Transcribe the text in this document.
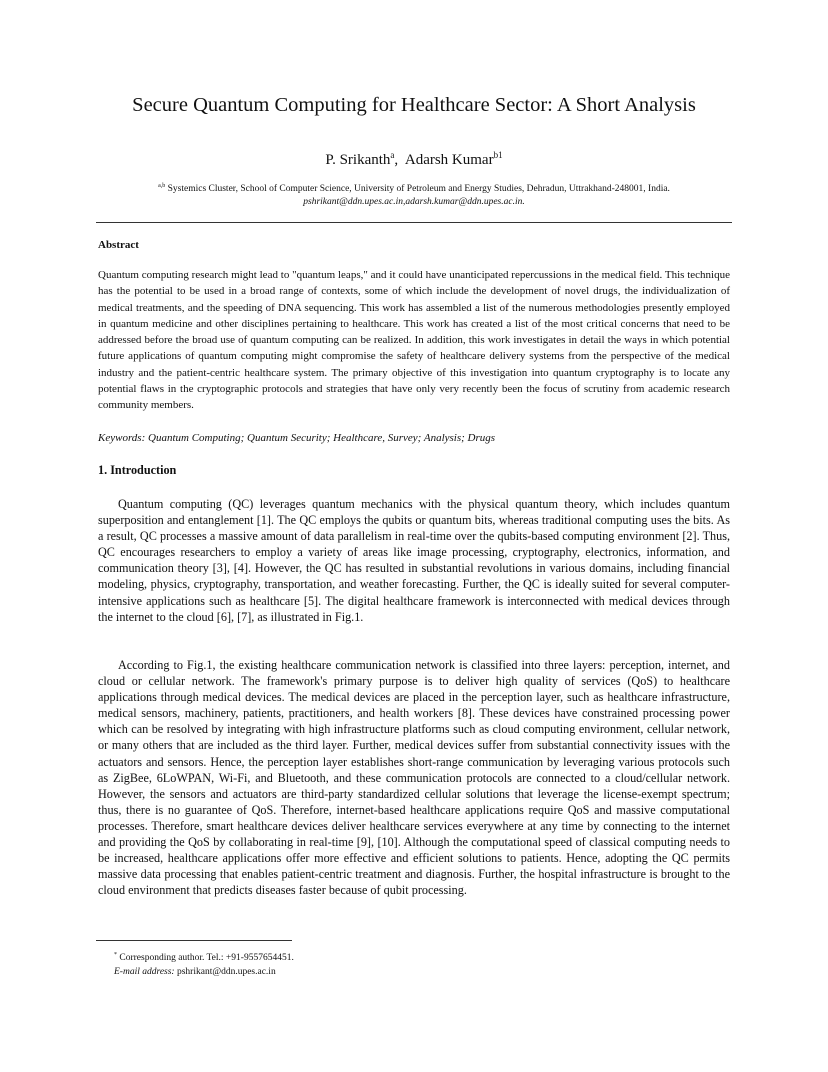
Secure Quantum Computing for Healthcare Sector: A Short Analysis
P. Srikanth$^a$,  Adarsh Kumar$^{b1}$
$^{a,b}$ Systemics Cluster, School of Computer Science, University of Petroleum and Energy Studies, Dehradun, Uttrakhand-248001, India.
pshrikant@ddn.upes.ac.in,adarsh.kumar@ddn.upes.ac.in.
Abstract
Quantum computing research might lead to "quantum leaps," and it could have unanticipated repercussions in the medical field. This technique has the potential to be used in a broad range of contexts, some of which include the development of novel drugs, the individualization of medical treatments, and the speeding of DNA sequencing. This work has assembled a list of the numerous methodologies presently employed in quantum medicine and other disciplines pertaining to healthcare. This work has created a list of the most critical concerns that need to be addressed before the broad use of quantum computing can be realized. In addition, this work investigates in detail the ways in which potential future applications of quantum computing might compromise the safety of healthcare delivery systems from the perspective of the medical industry and the patient-centric healthcare system. The primary objective of this investigation into quantum cryptography is to locate any potential flaws in the cryptographic protocols and strategies that have only very recently been the focus of scrutiny from academic research community members.
Keywords: Quantum Computing; Quantum Security; Healthcare, Survey; Analysis; Drugs
1. Introduction

Quantum computing (QC) leverages quantum mechanics with the physical quantum theory, which includes quantum superposition and entanglement [1]. The QC employs the qubits or quantum bits, whereas traditional computing uses the bits. As a result, QC processes a massive amount of data parallelism in real-time over the qubits-based computing environment [2]. Thus, QC encourages researchers to employ a variety of areas like image processing, cryptography, electronics, information, and communication theory [3], [4]. However, the QC has resulted in substantial revolutions in various domains, including financial modeling, physics, cryptography, transportation, and weather forecasting. Further, the QC is ideally suited for several computer-intensive applications such as healthcare [5]. The digital healthcare framework is interconnected with medical devices through the internet to the cloud [6], [7], as illustrated in Fig.1.

According to Fig.1, the existing healthcare communication network is classified into three layers: perception, internet, and cloud or cellular network. The framework's primary purpose is to deliver high quality of services (QoS) to healthcare applications through medical devices. The medical devices are placed in the perception layer, such as healthcare infrastructure, medical sensors, machinery, patients, practitioners, and health workers [8]. These devices have constrained processing power which can be resolved by integrating with high infrastructure platforms such as cloud computing environment, cellular network, or many others that are included as the third layer. Further, medical devices suffer from substantial connectivity issues with the actuators and sensors. Hence, the perception layer establishes short-range communication by leveraging various protocols such as ZigBee, 6LoWPAN, Wi-Fi, and Bluetooth, and these communication protocols are connected to a cloud/cellular network. However, the sensors and actuators are third-party standardized cellular solutions that leverage the license-exempt spectrum; thus, there is no guarantee of QoS. Therefore, internet-based healthcare applications require QoS and massive computational processes. Therefore, smart healthcare devices deliver healthcare services everywhere at any time by connecting to the internet and providing the QoS by collaborating in real-time [9], [10]. Although the computational speed of classical computing needs to be increased, healthcare applications offer more effective and efficient solutions to patients. Hence, adopting the QC permits massive data processing that enables patient-centric treatment and diagnosis. Further, the hospital infrastructure is brought to the cloud environment that predicts diseases faster because of qubit processing.

* Corresponding author. Tel.: +91-9557654451.
E-mail address: pshrikant@ddn.upes.ac.in
